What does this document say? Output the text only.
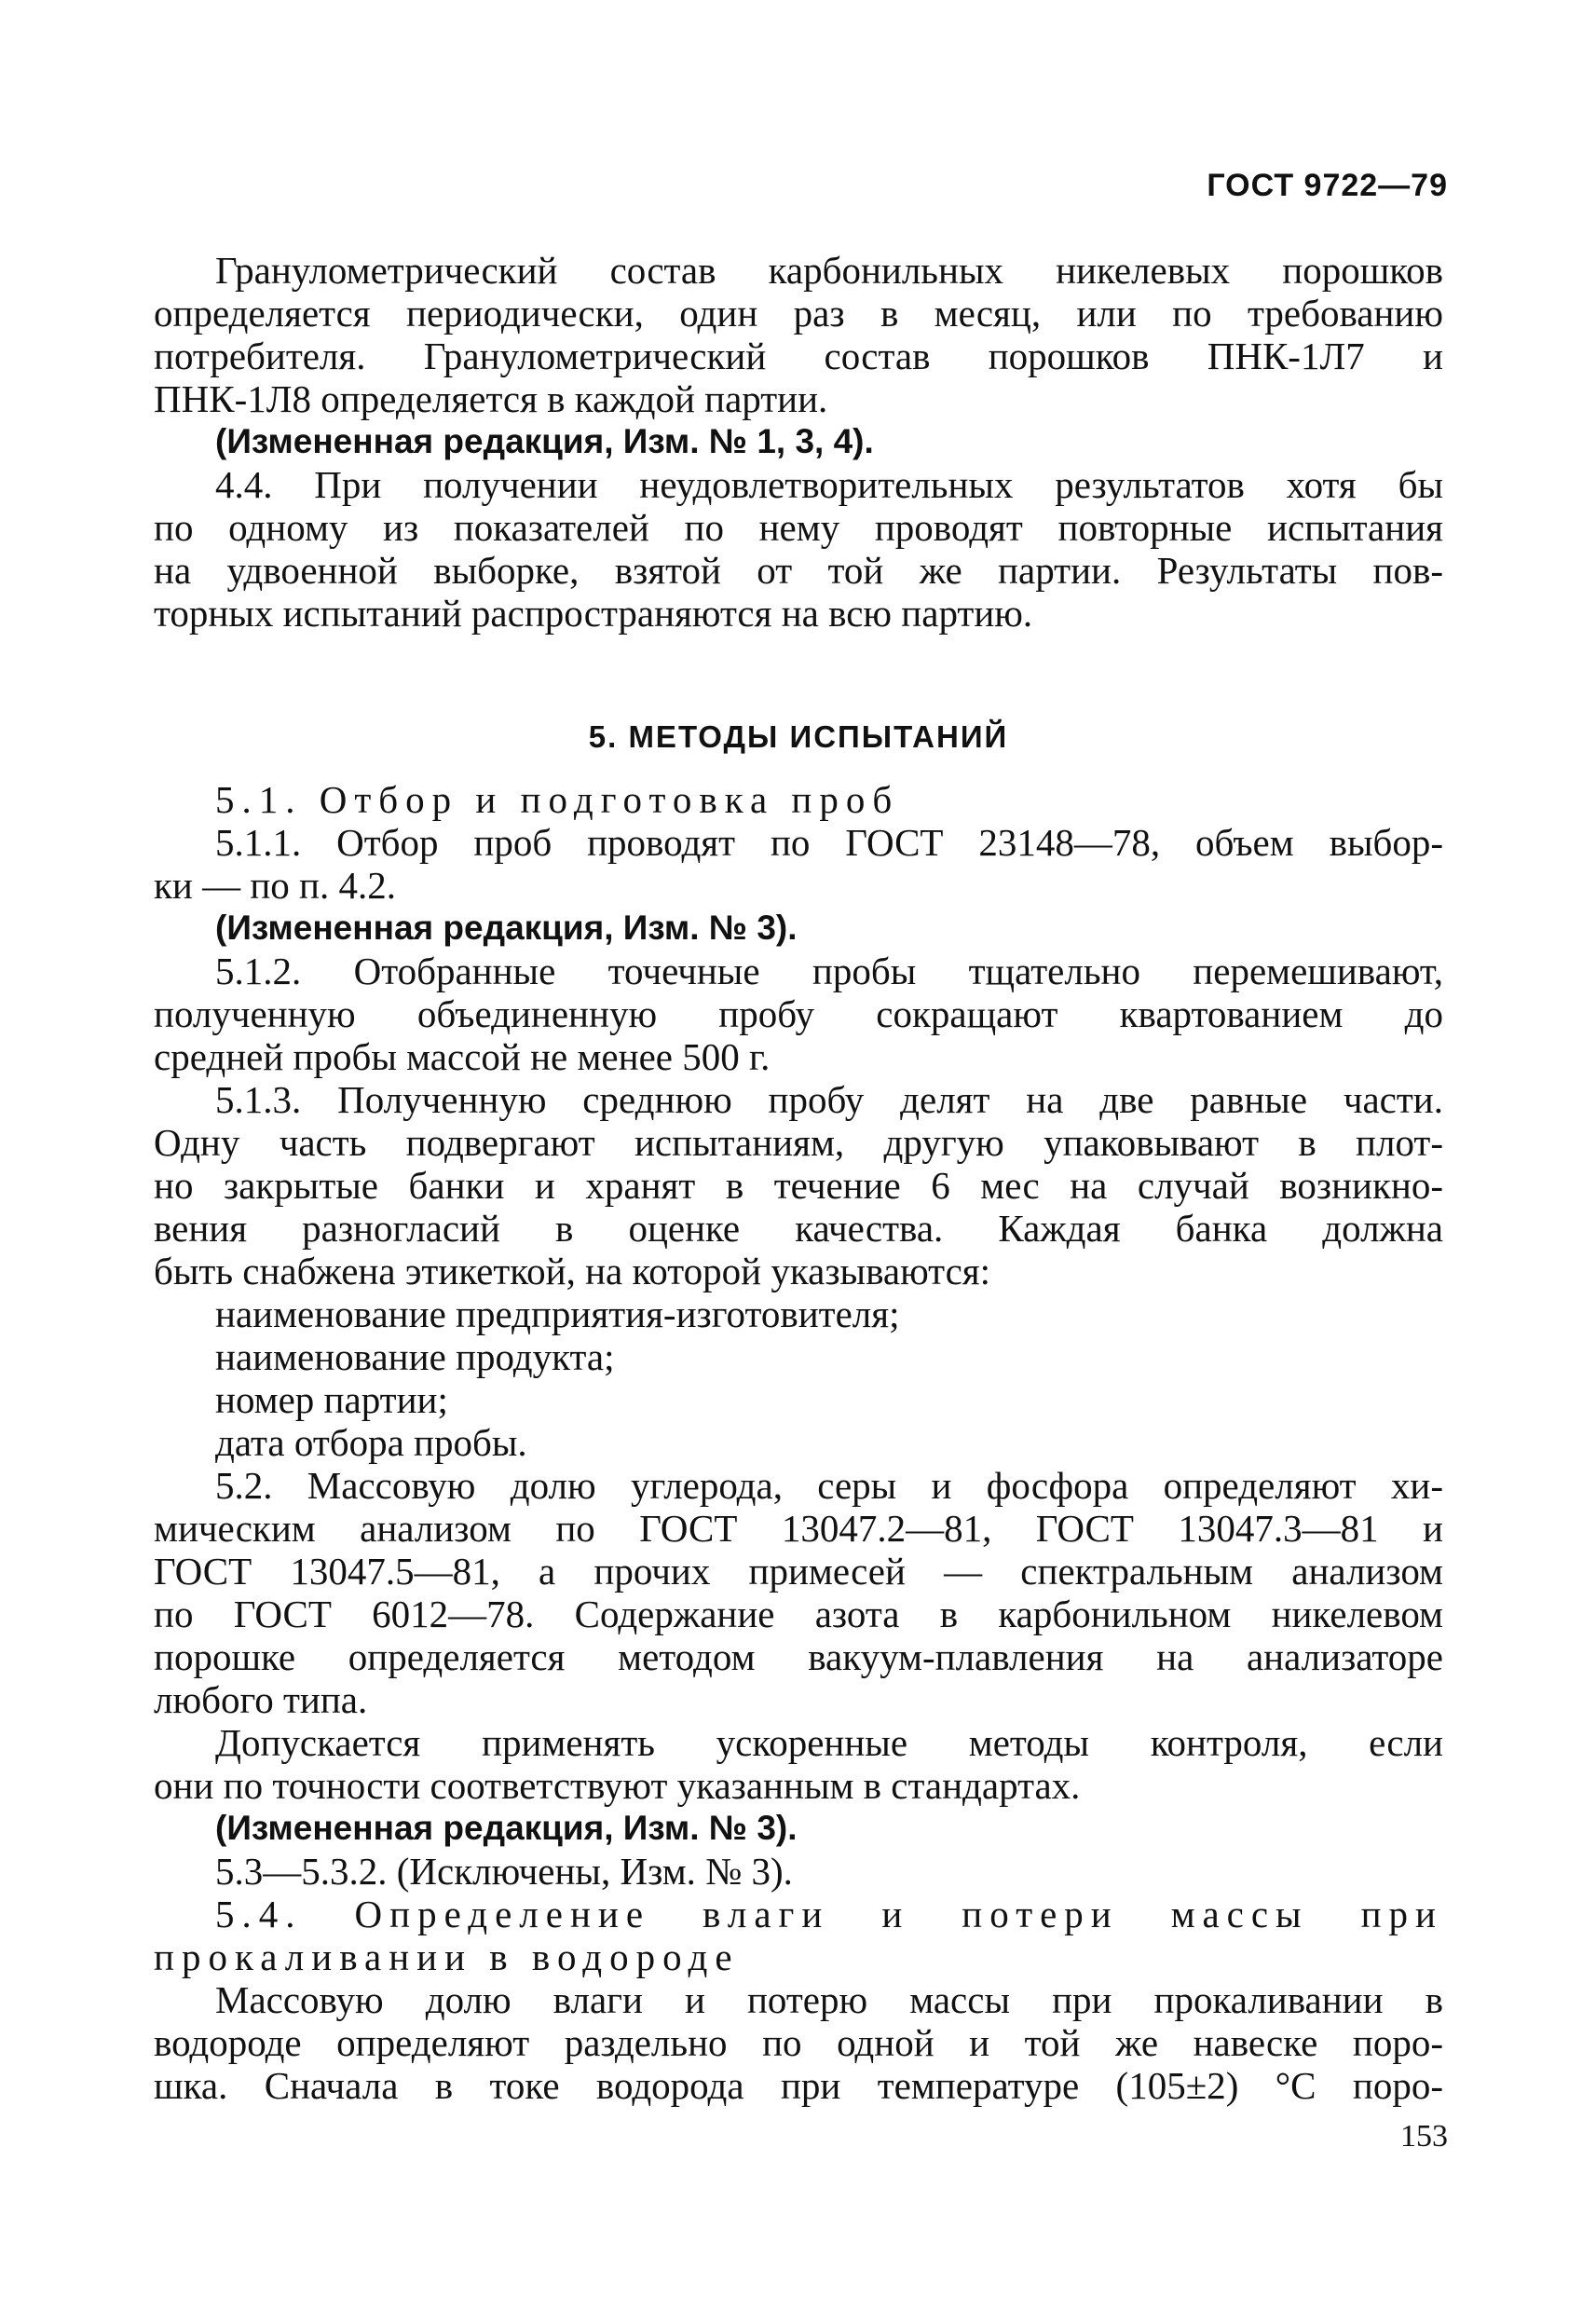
ГОСТ 9722—79
Гранулометрический состав карбонильных никелевых порошков
определяется периодически, один раз в месяц, или по требованию
потребителя. Гранулометрический состав порошков ПНК-1Л7 и
ПНК-1Л8 определяется в каждой партии.
(Измененная редакция, Изм. № 1, 3, 4).
4.4. При получении неудовлетворительных результатов хотя бы
по одному из показателей по нему проводят повторные испытания
на удвоенной выборке, взятой от той же партии. Результаты пов-
торных испытаний распространяются на всю партию.
5. МЕТОДЫ ИСПЫТАНИЙ
5.1. Отбор и подготовка проб
5.1.1. Отбор проб проводят по ГОСТ 23148—78, объем выбор-
ки — по п. 4.2.
(Измененная редакция, Изм. № 3).
5.1.2. Отобранные точечные пробы тщательно перемешивают,
полученную объединенную пробу сокращают квартованием до
средней пробы массой не менее 500 г.
5.1.3. Полученную среднюю пробу делят на две равные части.
Одну часть подвергают испытаниям, другую упаковывают в плот-
но закрытые банки и хранят в течение 6 мес на случай возникно-
вения разногласий в оценке качества. Каждая банка должна
быть снабжена этикеткой, на которой указываются:
наименование предприятия-изготовителя;
наименование продукта;
номер партии;
дата отбора пробы.
5.2. Массовую долю углерода, серы и фосфора определяют хи-
мическим анализом по ГОСТ 13047.2—81, ГОСТ 13047.3—81 и
ГОСТ 13047.5—81, а прочих примесей — спектральным анализом
по ГОСТ 6012—78. Содержание азота в карбонильном никелевом
порошке определяется методом вакуум-плавления на анализаторе
любого типа.
Допускается применять ускоренные методы контроля, если
они по точности соответствуют указанным в стандартах.
(Измененная редакция, Изм. № 3).
5.3—5.3.2. (Исключены, Изм. № 3).
5.4. Определение влаги и потери массы при
прокаливании в водороде
Массовую долю влаги и потерю массы при прокаливании в
водороде определяют раздельно по одной и той же навеске поро-
шка. Сначала в токе водорода при температуре (105±2) °С поро-
153
